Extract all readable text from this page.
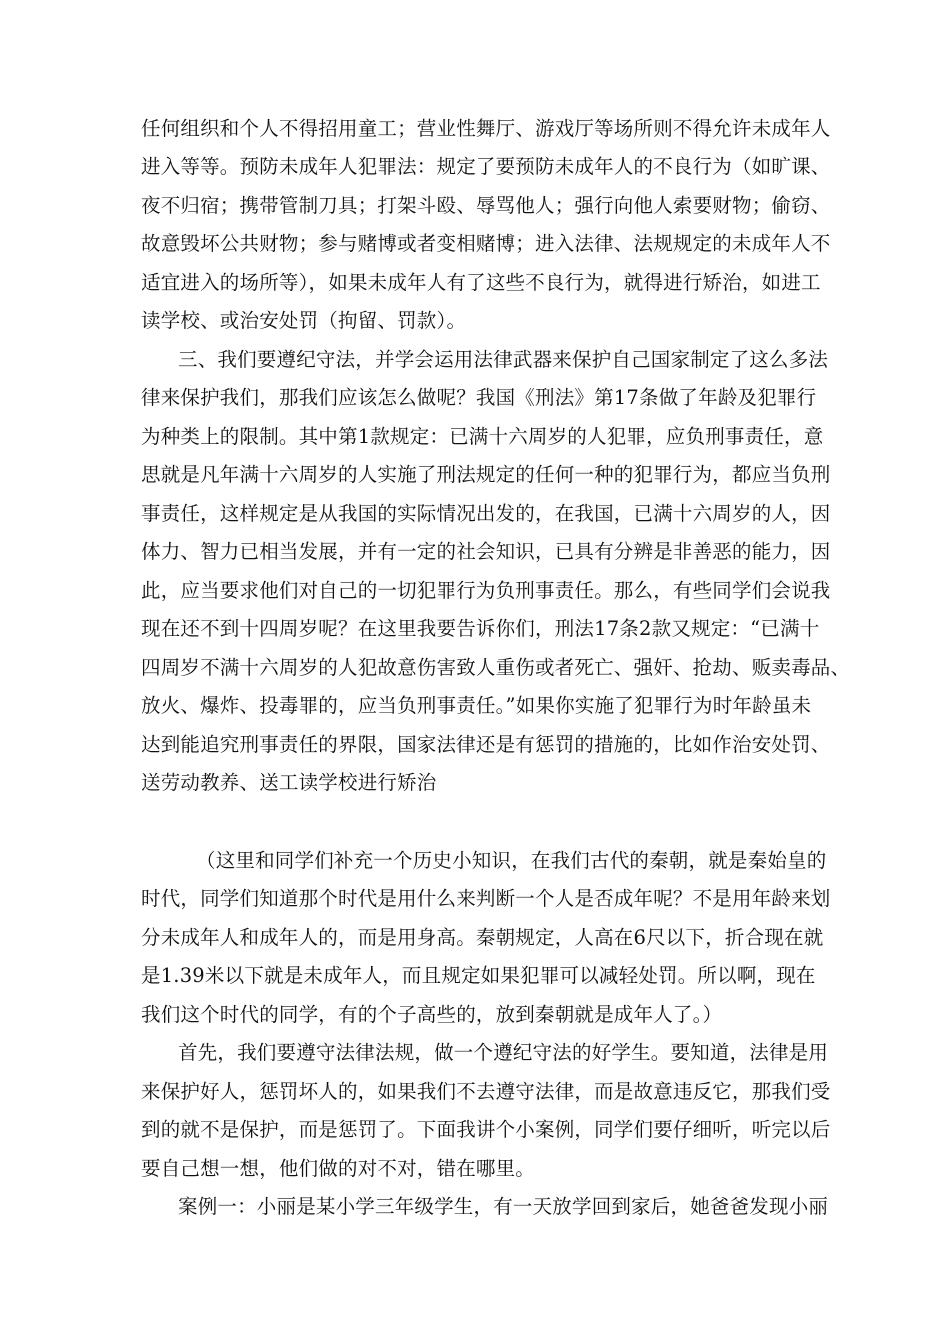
任何组织和个人不得招用童工；营业性舞厅、游戏厅等场所则不得允许未成年人
进入等等。预防未成年人犯罪法：规定了要预防未成年人的不良行为（如旷课、
夜不归宿；携带管制刀具；打架斗殴、辱骂他人；强行向他人索要财物；偷窃、
故意毁坏公共财物；参与赌博或者变相赌博；进入法律、法规规定的未成年人不
适宜进入的场所等），如果未成年人有了这些不良行为，就得进行矫治，如进工
读学校、或治安处罚（拘留、罚款）。
三、我们要遵纪守法，并学会运用法律武器来保护自己国家制定了这么多法
律来保护我们，那我们应该怎么做呢？我国《刑法》第17条做了年龄及犯罪行
为种类上的限制。其中第1款规定：已满十六周岁的人犯罪，应负刑事责任，意
思就是凡年满十六周岁的人实施了刑法规定的任何一种的犯罪行为，都应当负刑
事责任，这样规定是从我国的实际情况出发的，在我国，已满十六周岁的人，因
体力、智力已相当发展，并有一定的社会知识，已具有分辨是非善恶的能力，因
此，应当要求他们对自己的一切犯罪行为负刑事责任。那么，有些同学们会说我
现在还不到十四周岁呢？在这里我要告诉你们，刑法17条2款又规定：“已满十
四周岁不满十六周岁的人犯故意伤害致人重伤或者死亡、强奸、抢劫、贩卖毒品、
放火、爆炸、投毒罪的，应当负刑事责任。”如果你实施了犯罪行为时年龄虽未
达到能追究刑事责任的界限，国家法律还是有惩罚的措施的，比如作治安处罚、
送劳动教养、送工读学校进行矫治
（这里和同学们补充一个历史小知识，在我们古代的秦朝，就是秦始皇的
时代，同学们知道那个时代是用什么来判断一个人是否成年呢？不是用年龄来划
分未成年人和成年人的，而是用身高。秦朝规定，人高在6尺以下，折合现在就
是1.39米以下就是未成年人，而且规定如果犯罪可以减轻处罚。所以啊，现在
我们这个时代的同学，有的个子高些的，放到秦朝就是成年人了。）
首先，我们要遵守法律法规，做一个遵纪守法的好学生。要知道，法律是用
来保护好人，惩罚坏人的，如果我们不去遵守法律，而是故意违反它，那我们受
到的就不是保护，而是惩罚了。下面我讲个小案例，同学们要仔细听，听完以后
要自己想一想，他们做的对不对，错在哪里。
案例一：小丽是某小学三年级学生，有一天放学回到家后，她爸爸发现小丽
